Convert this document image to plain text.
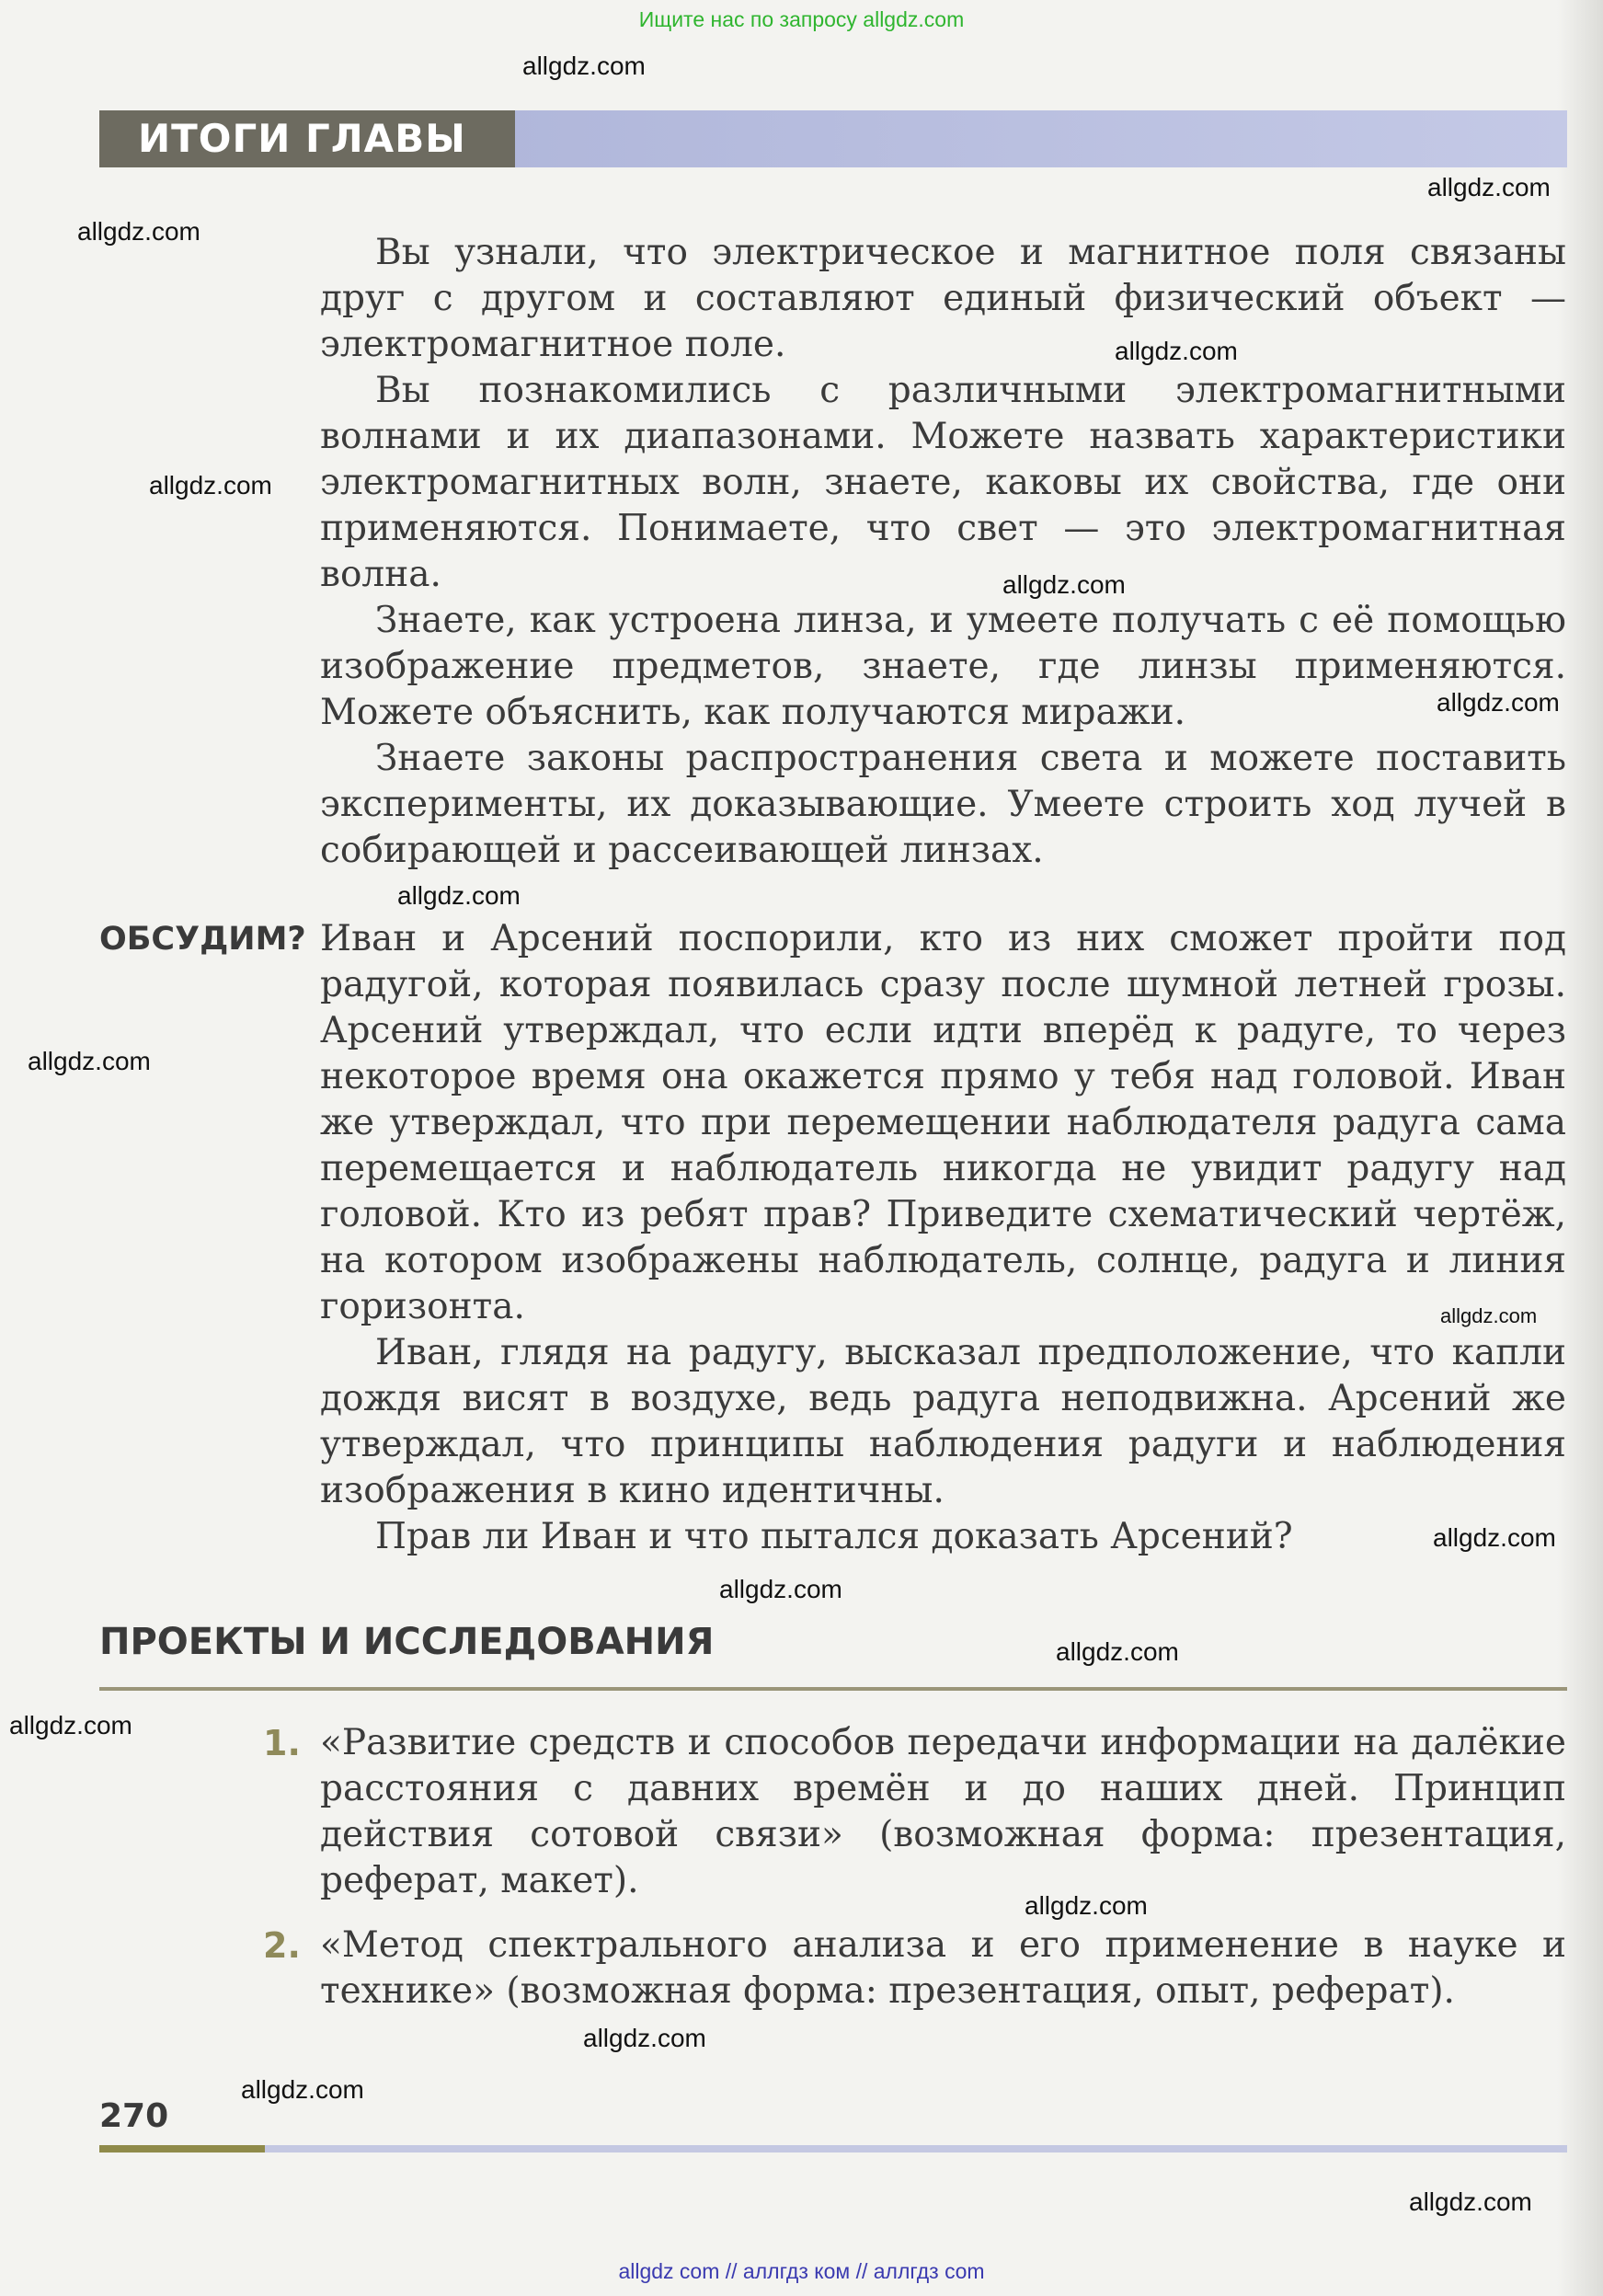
Ищите нас по запросу allgdz.com
ИТОГИ ГЛАВЫ

Вы узнали, что электрическое и магнитное поля связаны друг с другом и составляют единый физический объект — электромагнитное поле.

Вы познакомились с различными электромагнитными волнами и их диапазонами. Можете назвать характеристики электромагнитных волн, знаете, каковы их свойства, где они применяются. Понимаете, что свет — это электромагнитная волна.

Знаете, как устроена линза, и умеете получать с её помощью изображение предметов, знаете, где линзы применяются. Можете объяснить, как получаются миражи.

Знаете законы распространения света и можете поставить эксперименты, их доказывающие. Умеете строить ход лучей в собирающей и рассеивающей линзах.

ОБСУДИМ? Иван и Арсений поспорили, кто из них сможет пройти под радугой, которая появилась сразу после шумной летней грозы. Арсений утверждал, что если идти вперёд к радуге, то через некоторое время она окажется прямо у тебя над головой. Иван же утверждал, что при перемещении наблюдателя радуга сама перемещается и наблюдатель никогда не увидит радугу над головой. Кто из ребят прав? Приведите схематический чертёж, на котором изображены наблюдатель, солнце, радуга и линия горизонта.

Иван, глядя на радугу, высказал предположение, что капли дождя висят в воздухе, ведь радуга неподвижна. Арсений же утверждал, что принципы наблюдения радуги и наблюдения изображения в кино идентичны.

Прав ли Иван и что пытался доказать Арсений?

ПРОЕКТЫ И ИССЛЕДОВАНИЯ
1. «Развитие средств и способов передачи информации на далёкие расстояния с давних времён и до наших дней. Принцип действия сотовой связи» (возможная форма: презентация, реферат, макет).
2. «Метод спектрального анализа и его применение в науке и технике» (возможная форма: презентация, опыт, реферат).
270
allgdz com // аллгдз ком // аллгдз com
allgdz.com
allgdz.com
allgdz.com
allgdz.com
allgdz.com
allgdz.com
allgdz.com
allgdz.com
allgdz.com
allgdz.com
allgdz.com
allgdz.com
allgdz.com
allgdz.com
allgdz.com
allgdz.com
allgdz.com
allgdz.com
